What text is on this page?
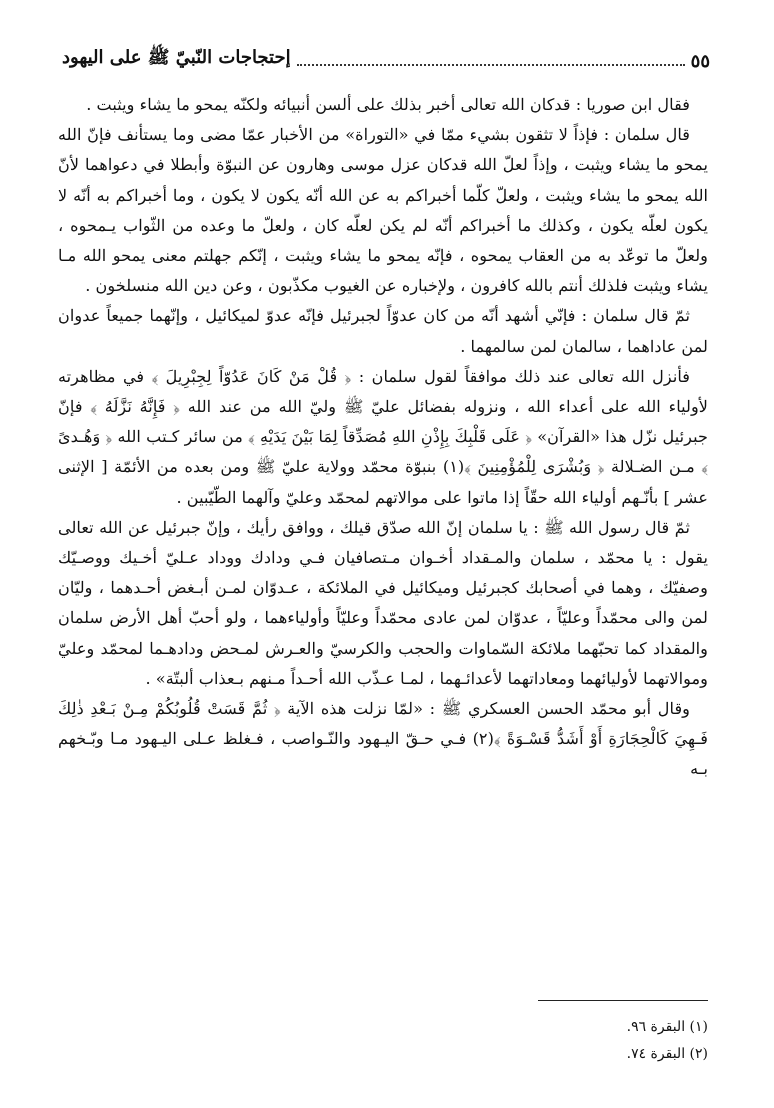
إحتجاجات النّبيّ ﷺ على اليهود	٥٥

فقال ابن صوريا : قدكان الله تعالى أخبر بذلك على ألسن أنبيائه ولكنّه يمحو ما يشاء ويثبت .

قال سلمان : فإذاً لا تثقون بشيء ممّا في «التوراة» من الأخبار عمّا مضى وما يستأنف فإنّ الله يمحو ما يشاء ويثبت ، وإذاً لعلّ الله قدكان عزل موسى وهارون عن النبوّة وأبطلا في دعواهما لأنّ الله يمحو ما يشاء ويثبت ، ولعلّ كلّما أخبراكم به عن الله أنّه يكون لا يكون ، وما أخبراكم به أنّه لا يكون لعلّه يكون ، وكذلك ما أخبراكم أنّه لم يكن لعلّه كان ، ولعلّ ما وعده من الثّواب يـمحوه ، ولعلّ ما توعّد به من العقاب يمحوه ، فإنّه يمحو ما يشاء ويثبت ، إنّكم جهلتم معنى يمحو الله مـا يشاء ويثبت فلذلك أنتم بالله كافرون ، ولإخباره عن الغيوب مكذّبون ، وعن دين الله منسلخون .

ثمّ قال سلمان : فإنّي أشهد أنّه من كان عدوّاً لجبرئيل فإنّه عدوّ لميكائيل ، وإنّهما جميعاً عدوان لمن عاداهما ، سالمان لمن سالمهما .

فأنزل الله تعالى عند ذلك موافقاً لقول سلمان : ﴿ قُلْ مَنْ كَانَ عَدُوّاً لِجِبْرِيلَ ﴾ في مظاهرته لأولياء الله على أعداء الله ، ونزوله بفضائل عليّ ﷺ وليّ الله من عند الله ﴿ فَإِنَّهُ نَزَّلَهُ ﴾ فإنّ جبرئيل نزّل هذا «القرآن» ﴿ عَلَى قَلْبِكَ بِإِذْنِ اللهِ مُصَدِّقاً لِمَا بَيْنَ يَدَيْهِ ﴾ من سائر كـتب الله ﴿ وَهُـدىً ﴾ مـن الضـلالة ﴿ وَبُشْرَى لِلْمُؤْمِنِينَ ﴾(١) بنبوّة محمّد وولاية عليّ ﷺ ومن بعده من الأئمّة [ الإثنى عشر ] بأنّـهم أولياء الله حقّاً إذا ماتوا على موالاتهم لمحمّد وعليّ وآلهما الطّيّبين .

ثمّ قال رسول الله ﷺ : يا سلمان إنّ الله صدّق قيلك ، ووافق رأيك ، وإنّ جبرئيل عن الله تعالى يقول : يا محمّد ، سلمان والمـقداد أخـوان مـتصافيان فـي ودادك ووداد عـليّ أخـيك ووصـيّك وصفيّك ، وهما في أصحابك كجبرئيل وميكائيل في الملائكة ، عـدوّان لمـن أبـغض أحـدهما ، وليّان لمن والى محمّداً وعليّاً ، عدوّان لمن عادى محمّداً وعليّاً وأولياءهما ، ولو أحبّ أهل الأرض سلمان والمقداد كما تحبّهما ملائكة السّماوات والحجب والكرسيّ والعـرش لمـحض ودادهـما لمحمّد وعليّ وموالاتهما لأوليائهما ومعاداتهما لأعدائـهما ، لمـا عـذّب الله أحـداً مـنهم بـعذاب ألبتّة» .

وقال أبو محمّد الحسن العسكري ﷺ : «لمّا نزلت هذه الآية ﴿ ثُمَّ قَسَتْ قُلُوبُكُمْ مِـنْ بَـعْدِ ذٰلِكَ فَـهِيَ كَالْحِجَارَةِ أَوْ أَشَدُّ قَسْـوَةً ﴾(٢) فـي حـقّ اليـهود والنّـواصب ، فـغلظ عـلى اليـهود مـا وبّـخهم بـه

(١) البقرة ٩٦.
(٢) البقرة ٧٤.
